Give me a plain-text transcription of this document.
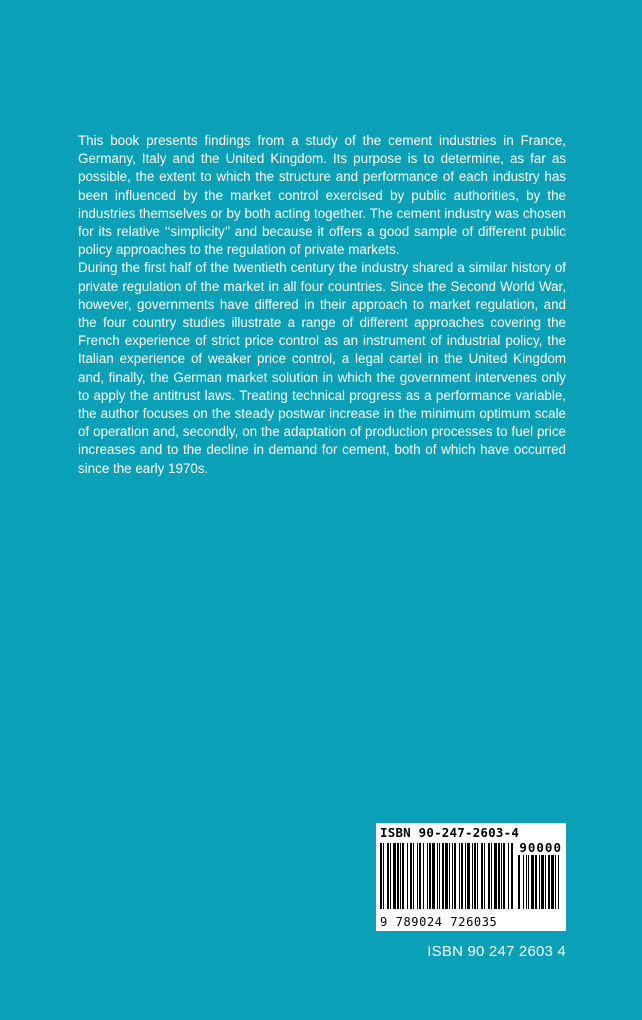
This book presents findings from a study of the cement industries in France, Germany, Italy and the United Kingdom. Its purpose is to determine, as far as possible, the extent to which the structure and performance of each industry has been influenced by the market control exercised by public authorities, by the industries themselves or by both acting together. The cement industry was chosen for its relative ‘‘simplicity’’ and because it offers a good sample of different public policy approaches to the regulation of private markets.

During the first half of the twentieth century the industry shared a similar history of private regulation of the market in all four countries. Since the Second World War, however, governments have differed in their approach to market regulation, and the four country studies illustrate a range of different approaches covering the French experience of strict price control as an instrument of industrial policy, the Italian experience of weaker price control, a legal cartel in the United Kingdom and, finally, the German market solution in which the government intervenes only to apply the antitrust laws. Treating technical progress as a performance variable, the author focuses on the steady postwar increase in the minimum optimum scale of operation and, secondly, on the adaptation of production processes to fuel price increases and to the decline in demand for cement, both of which have occurred since the early 1970s.

ISBN 90-247-2603-4
90000
9 789024 726035
ISBN 90 247 2603 4
